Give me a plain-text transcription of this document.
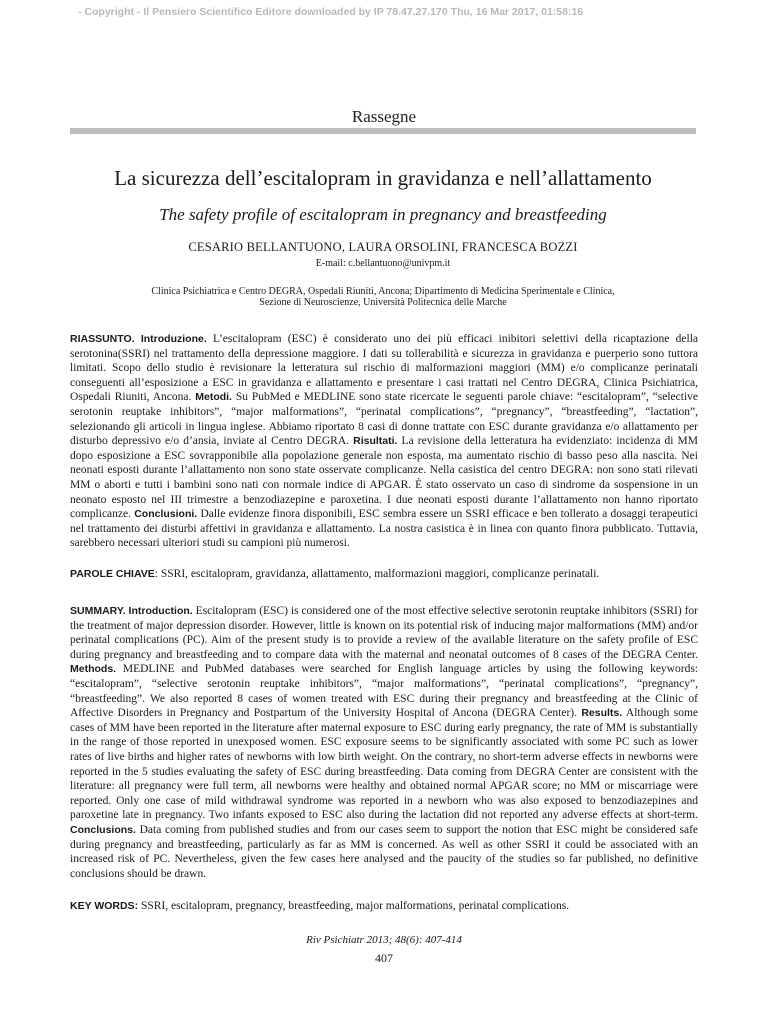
- Copyright - Il Pensiero Scientifico Editore downloaded by IP 78.47.27.170 Thu, 16 Mar 2017, 01:58:16
Rassegne
La sicurezza dell’escitalopram in gravidanza e nell’allattamento
The safety profile of escitalopram in pregnancy and breastfeeding
CESARIO BELLANTUONO, LAURA ORSOLINI, FRANCESCA BOZZI
E-mail: c.bellantuono@univpm.it
Clinica Psichiatrica e Centro DEGRA, Ospedali Riuniti, Ancona; Dipartimento di Medicina Sperimentale e Clinica,
Sezione di Neuroscienze, Università Politecnica delle Marche
RIASSUNTO. Introduzione. L’escitalopram (ESC) è considerato uno dei più efficaci inibitori selettivi della ricaptazione della serotonina(SSRI) nel trattamento della depressione maggiore. I dati su tollerabilità e sicurezza in gravidanza e puerperio sono tuttora limitati. Scopo dello studio è revisionare la letteratura sul rischio di malformazioni maggiori (MM) e/o complicanze perinatali conseguenti all’esposizione a ESC in gravidanza e allattamento e presentare i casi trattati nel Centro DEGRA, Clinica Psichiatrica, Ospedali Riuniti, Ancona. Metodi. Su PubMed e MEDLINE sono state ricercate le seguenti parole chiave: “escitalopram”, “selective serotonin reuptake inhibitors”, “major malformations”, “perinatal complications”, “pregnancy”, “breastfeeding”, “lactation”, selezionando gli articoli in lingua inglese. Abbiamo riportato 8 casi di donne trattate con ESC durante gravidanza e/o allattamento per disturbo depressivo e/o d’ansia, inviate al Centro DEGRA. Risultati. La revisione della letteratura ha evidenziato: incidenza di MM dopo esposizione a ESC sovrapponibile alla popolazione generale non esposta, ma aumentato rischio di basso peso alla nascita. Nei neonati esposti durante l’allattamento non sono state osservate complicanze. Nella casistica del centro DEGRA: non sono stati rilevati MM o aborti e tutti i bambini sono nati con normale indice di APGAR. È stato osservato un caso di sindrome da sospensione in un neonato esposto nel III trimestre a benzodiazepine e paroxetina. I due neonati esposti durante l’allattamento non hanno riportato complicanze. Conclusioni. Dalle evidenze finora disponibili, ESC sembra essere un SSRI efficace e ben tollerato a dosaggi terapeutici nel trattamento dei disturbi affettivi in gravidanza e allattamento. La nostra casistica è in linea con quanto finora pubblicato. Tuttavia, sarebbero necessari ulteriori studi su campioni più numerosi.
PAROLE CHIAVE: SSRI, escitalopram, gravidanza, allattamento, malformazioni maggiori, complicanze perinatali.
SUMMARY. Introduction. Escitalopram (ESC) is considered one of the most effective selective serotonin reuptake inhibitors (SSRI) for the treatment of major depression disorder. However, little is known on its potential risk of inducing major malformations (MM) and/or perinatal complications (PC). Aim of the present study is to provide a review of the available literature on the safety profile of ESC during pregnancy and breastfeeding and to compare data with the maternal and neonatal outcomes of 8 cases of the DEGRA Center. Methods. MEDLINE and PubMed databases were searched for English language articles by using the following keywords: “escitalopram”, “selective serotonin reuptake inhibitors”, “major malformations”, “perinatal complications”, “pregnancy”, “breastfeeding”. We also reported 8 cases of women treated with ESC during their pregnancy and breastfeeding at the Clinic of Affective Disorders in Pregnancy and Postpartum of the University Hospital of Ancona (DEGRA Center). Results. Although some cases of MM have been reported in the literature after maternal exposure to ESC during early pregnancy, the rate of MM is substantially in the range of those reported in unexposed women. ESC exposure seems to be significantly associated with some PC such as lower rates of live births and higher rates of newborns with low birth weight. On the contrary, no short-term adverse effects in newborns were reported in the 5 studies evaluating the safety of ESC during breastfeeding. Data coming from DEGRA Center are consistent with the literature: all pregnancy were full term, all newborns were healthy and obtained normal APGAR score; no MM or miscarriage were reported. Only one case of mild withdrawal syndrome was reported in a newborn who was also exposed to benzodiazepines and paroxetine late in pregnancy. Two infants exposed to ESC also during the lactation did not reported any adverse effects at short-term. Conclusions. Data coming from published studies and from our cases seem to support the notion that ESC might be considered safe during pregnancy and breastfeeding, particularly as far as MM is concerned. As well as other SSRI it could be associated with an increased risk of PC. Nevertheless, given the few cases here analysed and the paucity of the studies so far published, no definitive conclusions should be drawn.
KEY WORDS: SSRI, escitalopram, pregnancy, breastfeeding, major malformations, perinatal complications.
Riv Psichiatr 2013; 48(6): 407-414
407
